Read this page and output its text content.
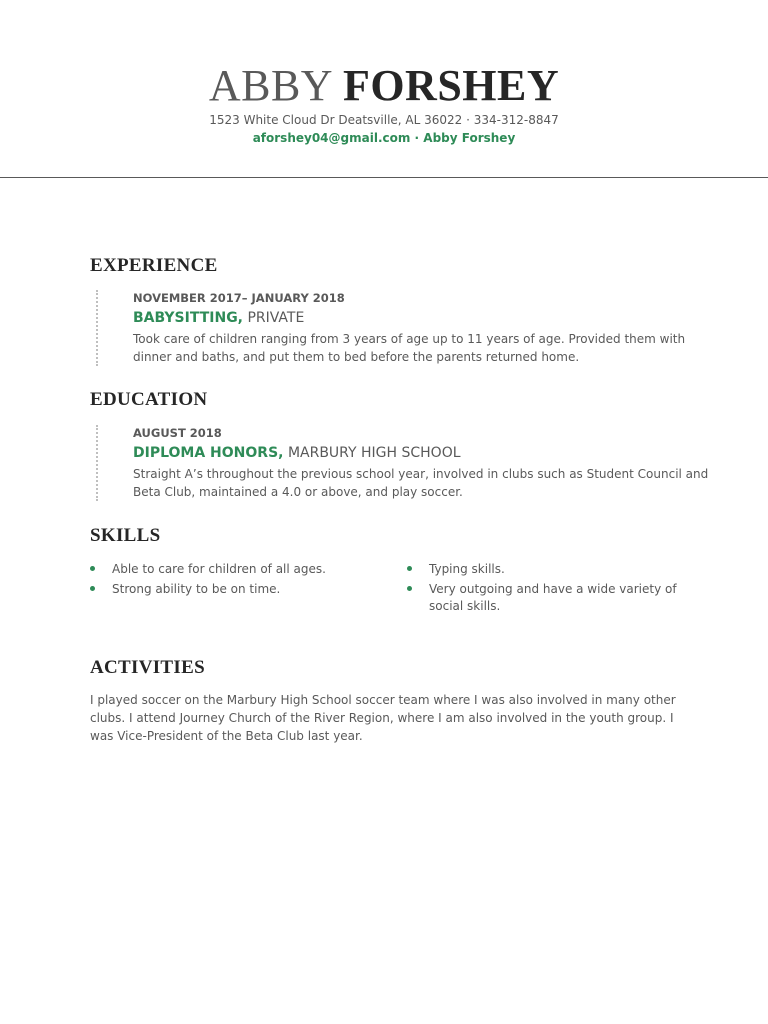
ABBY FORSHEY
1523 White Cloud Dr Deatsville, AL 36022 · 334-312-8847
aforshey04@gmail.com · Abby Forshey
EXPERIENCE
NOVEMBER 2017– JANUARY 2018
BABYSITTING, PRIVATE
Took care of children ranging from 3 years of age up to 11 years of age. Provided them with dinner and baths, and put them to bed before the parents returned home.
EDUCATION
AUGUST 2018
DIPLOMA HONORS, MARBURY HIGH SCHOOL
Straight A’s throughout the previous school year, involved in clubs such as Student Council and Beta Club, maintained a 4.0 or above, and play soccer.
SKILLS
Able to care for children of all ages.
Strong ability to be on time.
Typing skills.
Very outgoing and have a wide variety of social skills.
ACTIVITIES
I played soccer on the Marbury High School soccer team where I was also involved in many other clubs. I attend Journey Church of the River Region, where I am also involved in the youth group. I was Vice-President of the Beta Club last year.
